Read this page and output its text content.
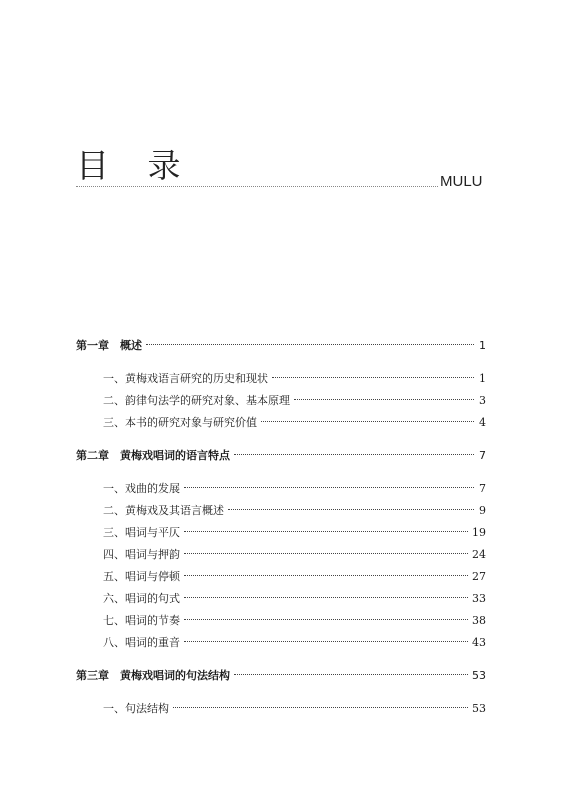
目 录	MULU
第一章　概述	1
一、黄梅戏语言研究的历史和现状	1
二、韵律句法学的研究对象、基本原理	3
三、本书的研究对象与研究价值	4
第二章　黄梅戏唱词的语言特点	7
一、戏曲的发展	7
二、黄梅戏及其语言概述	9
三、唱词与平仄	19
四、唱词与押韵	24
五、唱词与停顿	27
六、唱词的句式	33
七、唱词的节奏	38
八、唱词的重音	43
第三章　黄梅戏唱词的句法结构	53
一、句法结构	53
